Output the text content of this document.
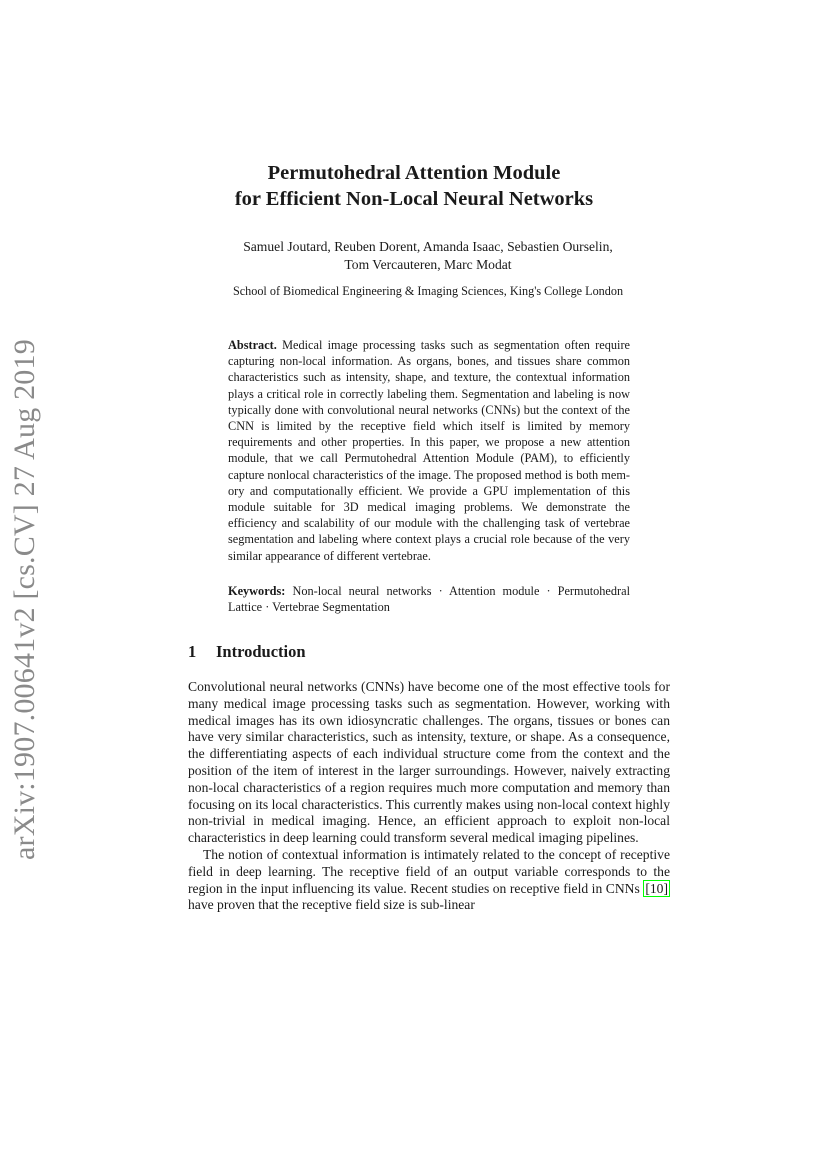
arXiv:1907.00641v2 [cs.CV] 27 Aug 2019
Permutohedral Attention Module
for Efficient Non-Local Neural Networks
Samuel Joutard, Reuben Dorent, Amanda Isaac, Sebastien Ourselin,
Tom Vercauteren, Marc Modat
School of Biomedical Engineering & Imaging Sciences, King's College London
Abstract. Medical image processing tasks such as segmentation often require capturing non-local information. As organs, bones, and tissues share common characteristics such as intensity, shape, and texture, the contextual information plays a critical role in correctly labeling them. Segmentation and labeling is now typically done with convolutional neural networks (CNNs) but the context of the CNN is limited by the receptive field which itself is limited by memory requirements and other properties. In this paper, we propose a new attention module, that we call Permutohedral Attention Module (PAM), to efficiently capture nonlocal characteristics of the image. The proposed method is both memory and computationally efficient. We provide a GPU implementation of this module suitable for 3D medical imaging problems. We demonstrate the efficiency and scalability of our module with the challenging task of vertebrae segmentation and labeling where context plays a crucial role because of the very similar appearance of different vertebrae.
Keywords: Non-local neural networks · Attention module · Permutohedral Lattice · Vertebrae Segmentation
1 Introduction

Convolutional neural networks (CNNs) have become one of the most effective tools for many medical image processing tasks such as segmentation. However, working with medical images has its own idiosyncratic challenges. The organs, tissues or bones can have very similar characteristics, such as intensity, texture, or shape. As a consequence, the differentiating aspects of each individual structure come from the context and the position of the item of interest in the larger surroundings. However, naively extracting non-local characteristics of a region requires much more computation and memory than focusing on its local characteristics. This currently makes using non-local context highly non-trivial in medical imaging. Hence, an efficient approach to exploit non-local characteristics in deep learning could transform several medical imaging pipelines.

The notion of contextual information is intimately related to the concept of receptive field in deep learning. The receptive field of an output variable corresponds to the region in the input influencing its value. Recent studies on receptive field in CNNs [10] have proven that the receptive field size is sub-linear
